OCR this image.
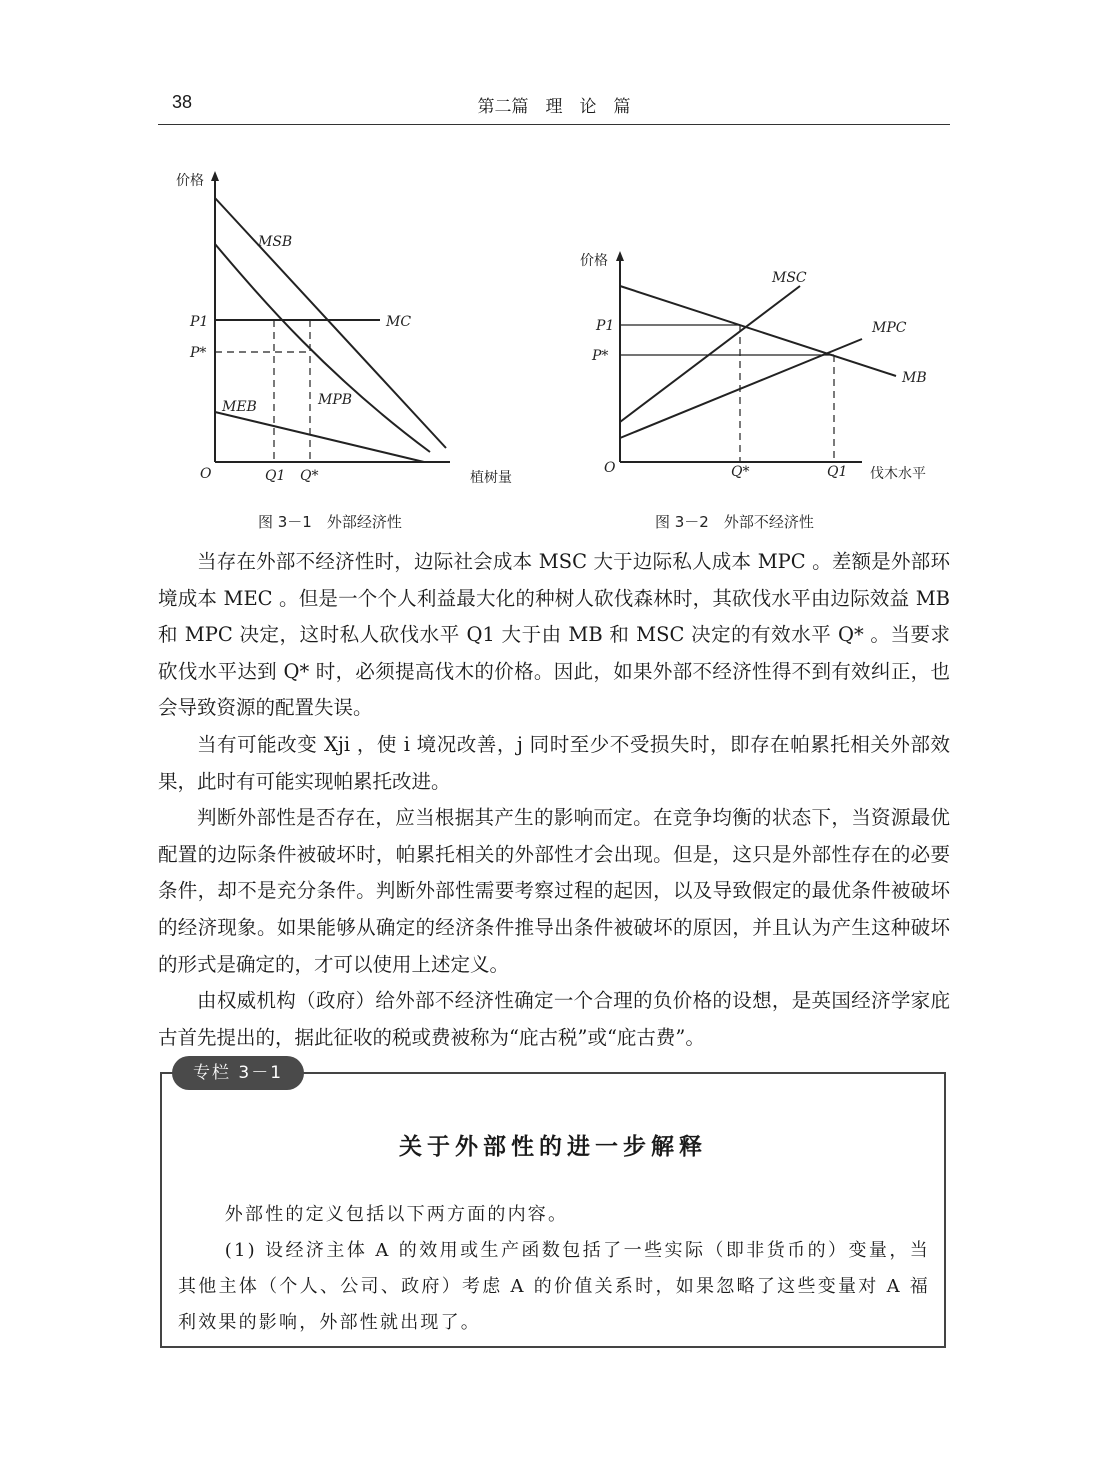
38	第二篇　理　论　篇
价格
MSB
MC
MPB
MEB
P1
P*
O	Q1 Q*	植树量
图 3－1　外部经济性
价格
MSC
MPC
MB
P1
P*
O	Q*	Q1 伐木水平
图 3－2　外部不经济性

当存在外部不经济性时，边际社会成本 MSC 大于边际私人成本 MPC 。差额是外部环境成本 MEC 。但是一个个人利益最大化的种树人砍伐森林时，其砍伐水平由边际效益 MB 和 MPC 决定，这时私人砍伐水平 Q1 大于由 MB 和 MSC 决定的有效水平 Q* 。当要求砍伐水平达到 Q* 时，必须提高伐木的价格。因此，如果外部不经济性得不到有效纠正，也会导致资源的配置失误。

当有可能改变 Xji ，使 i 境况改善，j 同时至少不受损失时，即存在帕累托相关外部效果，此时有可能实现帕累托改进。

判断外部性是否存在，应当根据其产生的影响而定。在竞争均衡的状态下，当资源最优配置的边际条件被破坏时，帕累托相关的外部性才会出现。但是，这只是外部性存在的必要条件，却不是充分条件。判断外部性需要考察过程的起因，以及导致假定的最优条件被破坏的经济现象。如果能够从确定的经济条件推导出条件被破坏的原因，并且认为产生这种破坏的形式是确定的，才可以使用上述定义。

由权威机构（政府）给外部不经济性确定一个合理的负价格的设想，是英国经济学家庇古首先提出的，据此征收的税或费被称为“庇古税”或“庇古费”。

专栏 3－1
关于外部性的进一步解释

外部性的定义包括以下两方面的内容。

(1) 设经济主体 A 的效用或生产函数包括了一些实际（即非货币的）变量，当其他主体（个人、公司、政府）考虑 A 的价值关系时，如果忽略了这些变量对 A 福利效果的影响，外部性就出现了。
